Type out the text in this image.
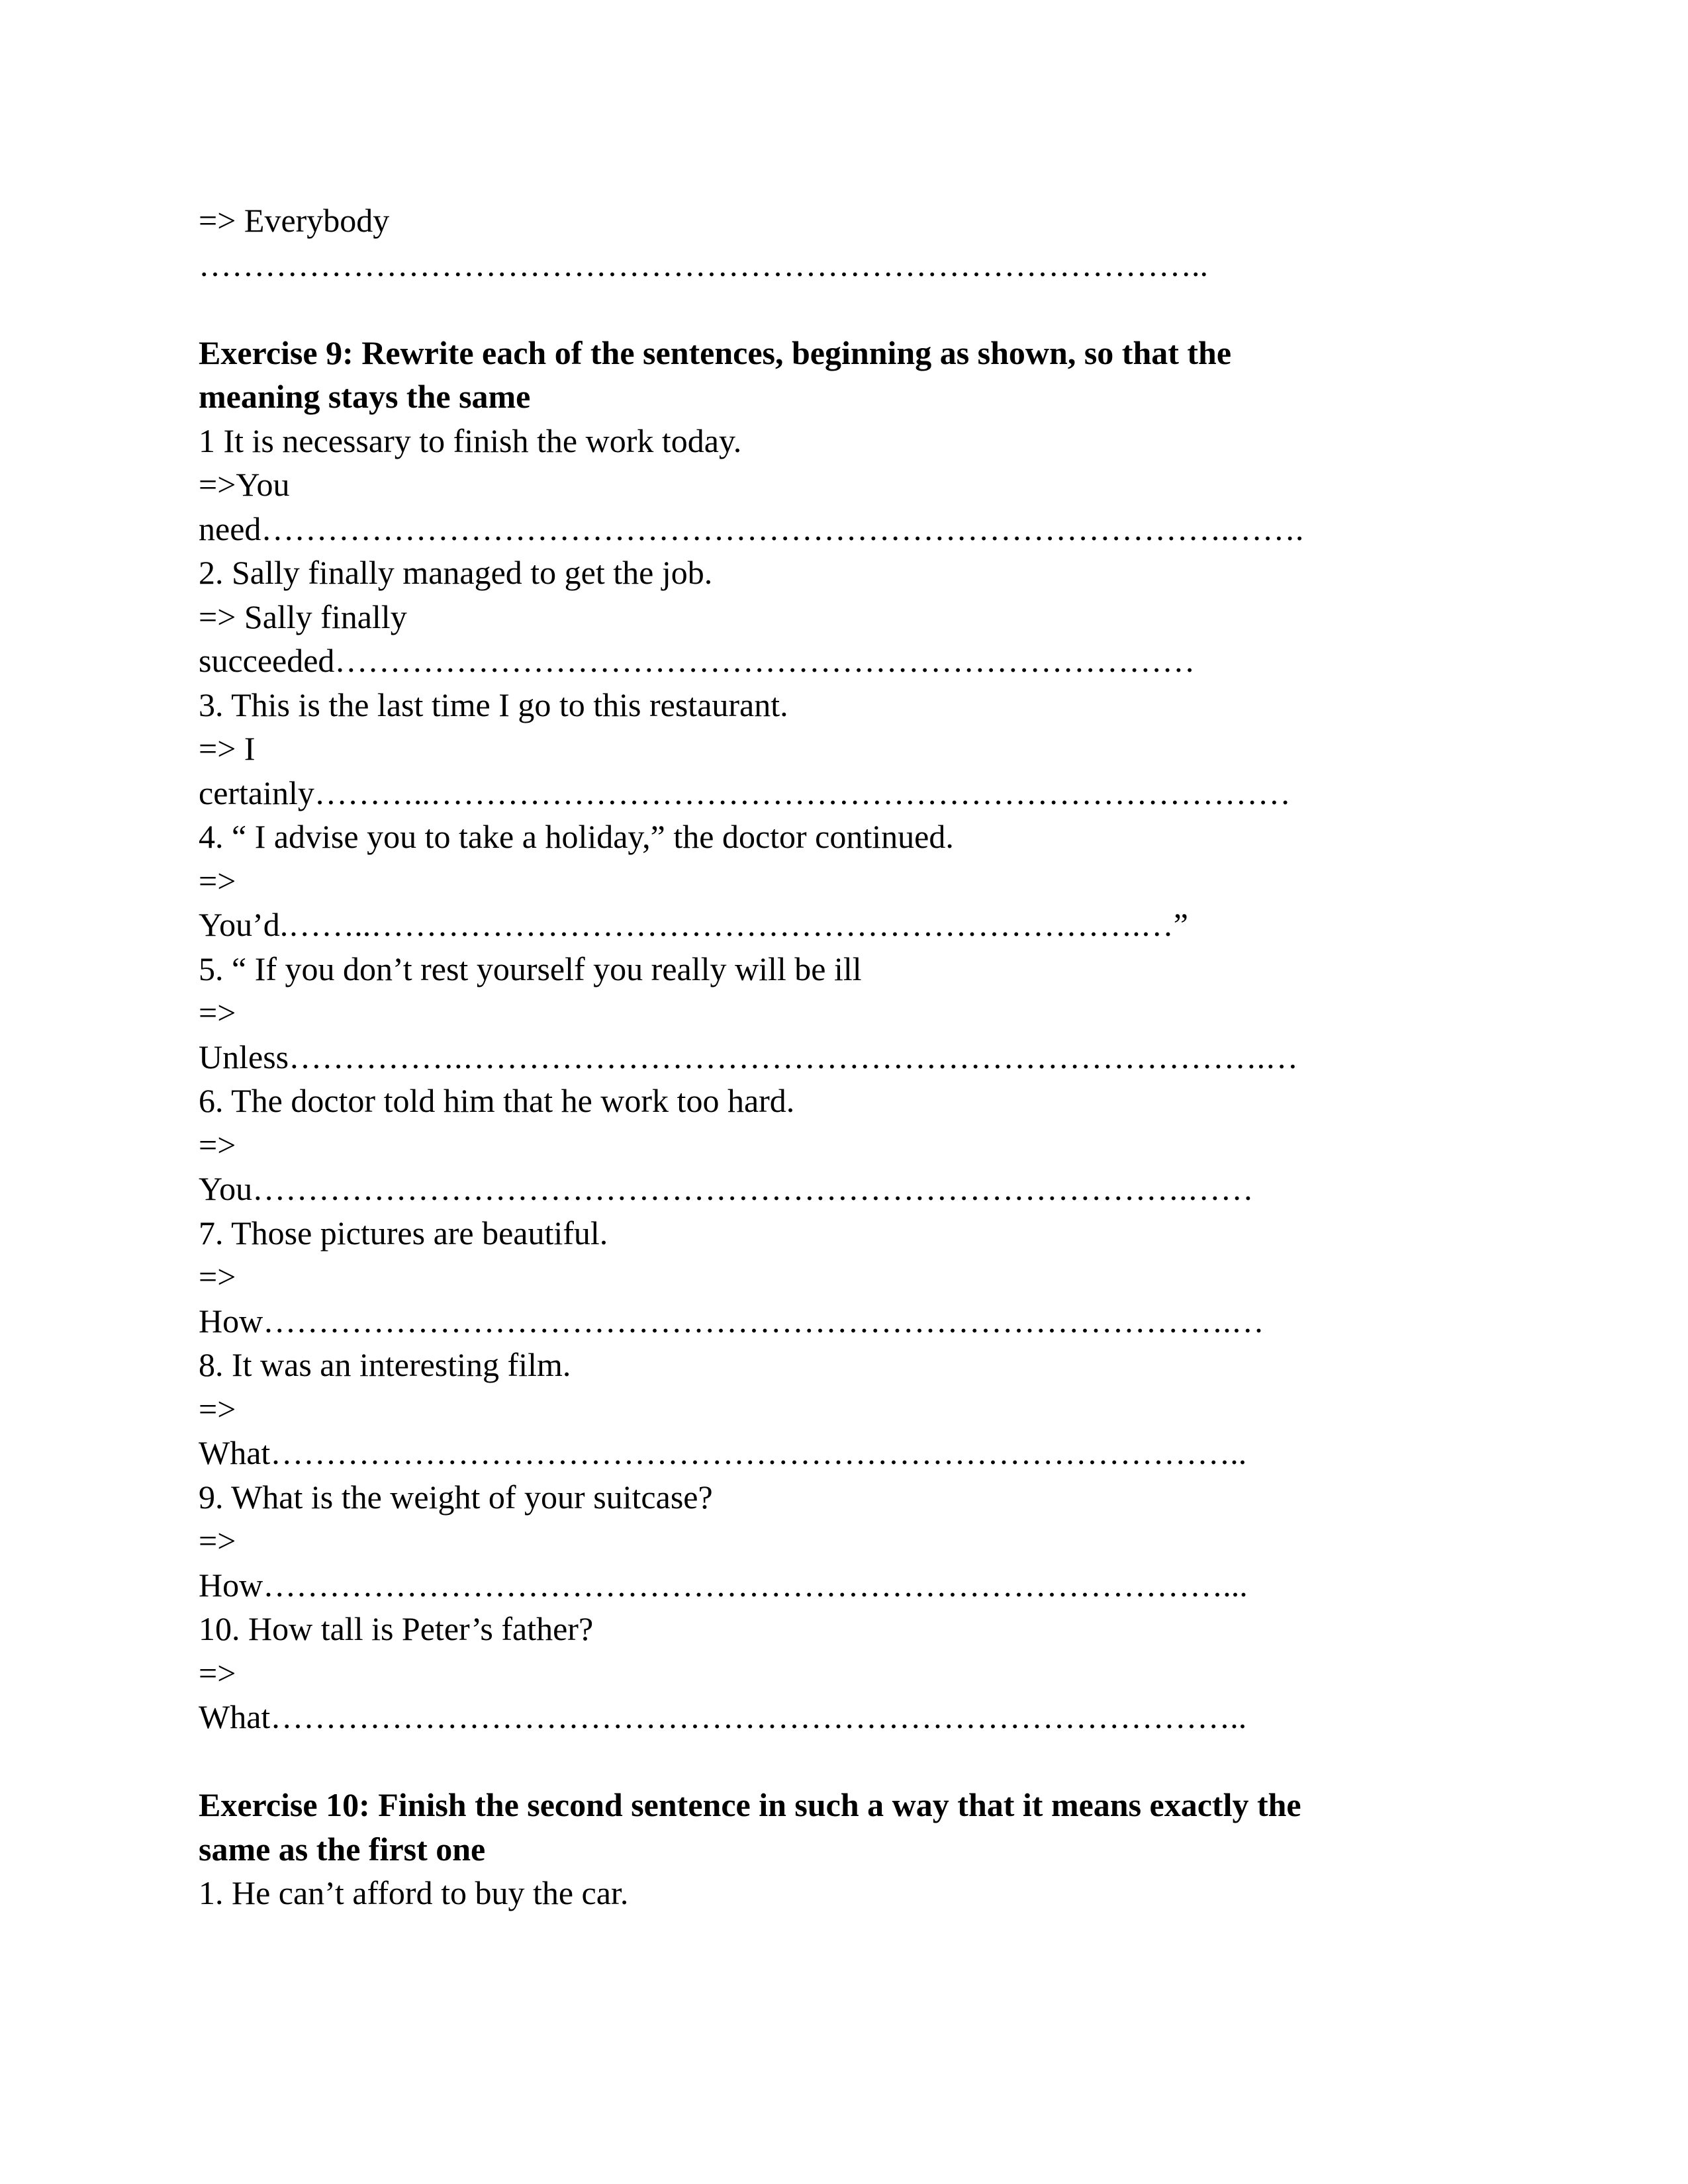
=> Everybody
………………………………………………………………………………..
Exercise 9: Rewrite each of the sentences, beginning as shown, so that the
meaning stays the same
1 It is necessary to finish the work today.
=>You
need…………………………………………………………………………….…….
2. Sally finally managed to get the job.
=> Sally finally
succeeded……………………………………………………………………
3. This is the last time I go to this restaurant.
=> I
certainly………..……………………………………………………………………
4. “ I advise you to take a holiday,” the doctor continued.
=>
You’d.……..…………………………………………………………….…”
5. “ If you don’t rest yourself you really will be ill
=>
Unless…………….……………………………………………………………….…
6. The doctor told him that he work too hard.
=>
You………………………………………………………………………….……
7. Those pictures are beautiful.
=>
How…………………………………………………………………………….…
8. It was an interesting film.
=>
What……………………………………………………………………………..
9. What is the weight of your suitcase?
=>
How……………………………………………………………………………...
10. How tall is Peter’s father?
=>
What……………………………………………………………………………..
Exercise 10: Finish the second sentence in such a way that it means exactly the
same as the first one
1. He can’t afford to buy the car.
